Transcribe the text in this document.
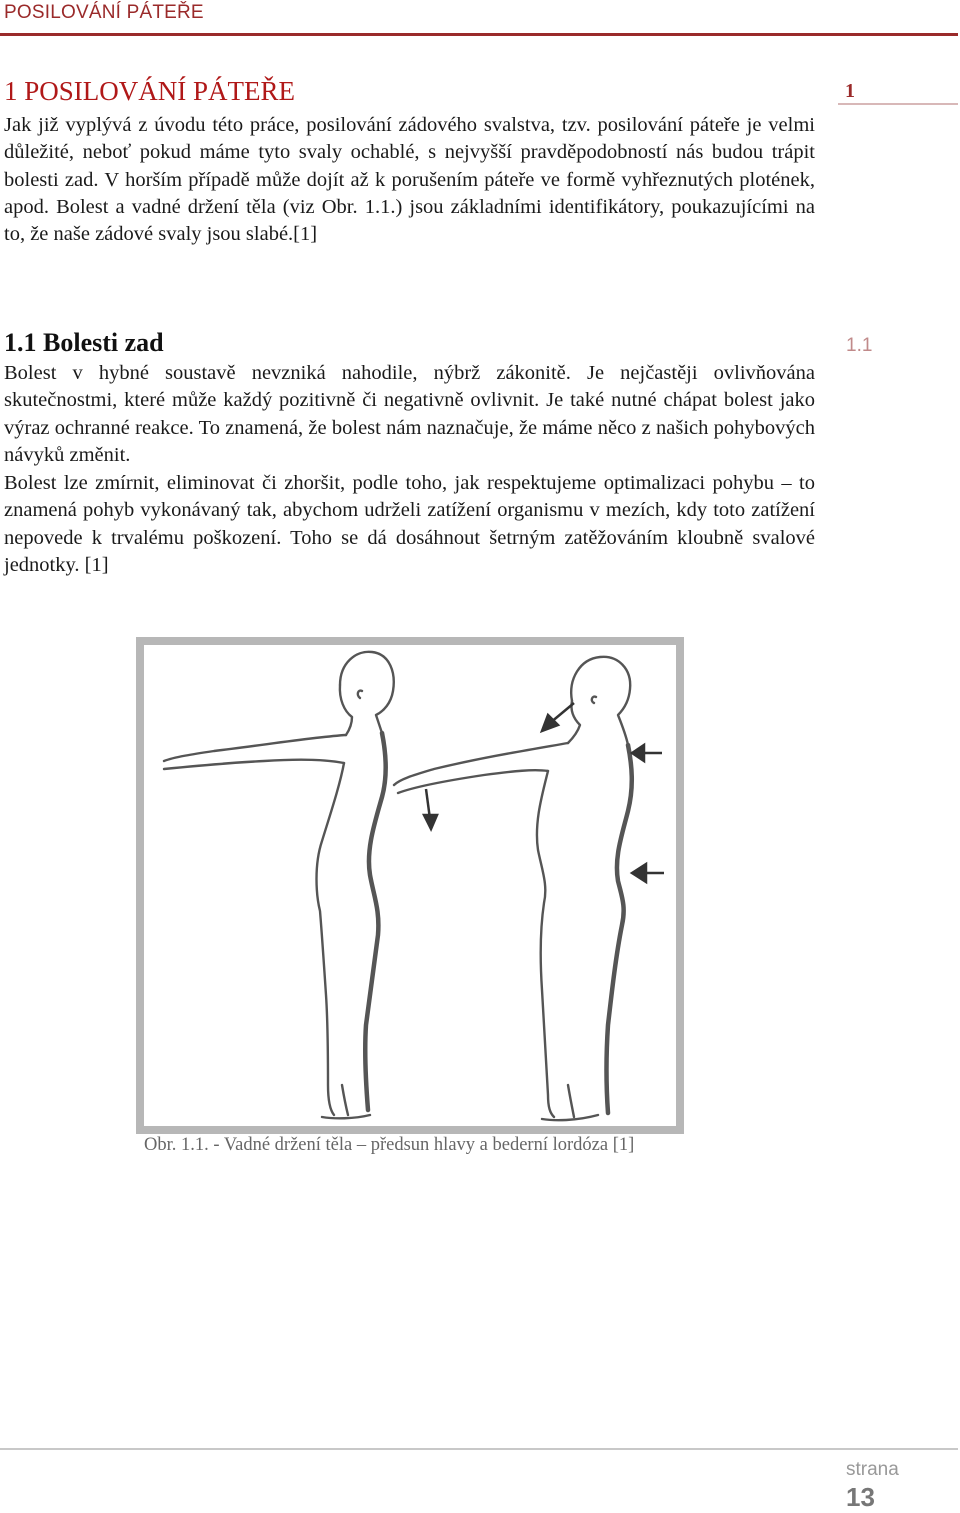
POSILOVÁNÍ PÁTEŘE
1
1.1
1 POSILOVÁNÍ PÁTEŘE

Jak již vyplývá z úvodu této práce, posilování zádového svalstva, tzv. posilování páteře je velmi důležité, neboť pokud máme tyto svaly ochablé, s nejvyšší pravděpodobností nás budou trápit bolesti zad. V horším případě může dojít až k porušením páteře ve formě vyhřeznutých plotének, apod. Bolest a vadné držení těla (viz Obr. 1.1.) jsou základními identifikátory, poukazujícími na to, že naše zádové svaly jsou slabé.[1]

1.1 Bolesti zad

Bolest v hybné soustavě nevzniká nahodile, nýbrž zákonitě. Je nejčastěji ovlivňována skutečnostmi, které může každý pozitivně či negativně ovlivnit. Je také nutné chápat bolest jako výraz ochranné reakce. To znamená, že bolest nám naznačuje, že máme něco z našich pohybových návyků změnit.

Bolest lze zmírnit, eliminovat či zhoršit, podle toho, jak respektujeme optimalizaci pohybu – to znamená pohyb vykonávaný tak, abychom udrželi zatížení organismu v mezích, kdy toto zatížení nepovede k trvalému poškození. Toho se dá dosáhnout šetrným zatěžováním kloubně svalové jednotky. [1]

Obr. 1.1. - Vadné držení těla – předsun hlavy a bederní lordóza [1]
strana
13
